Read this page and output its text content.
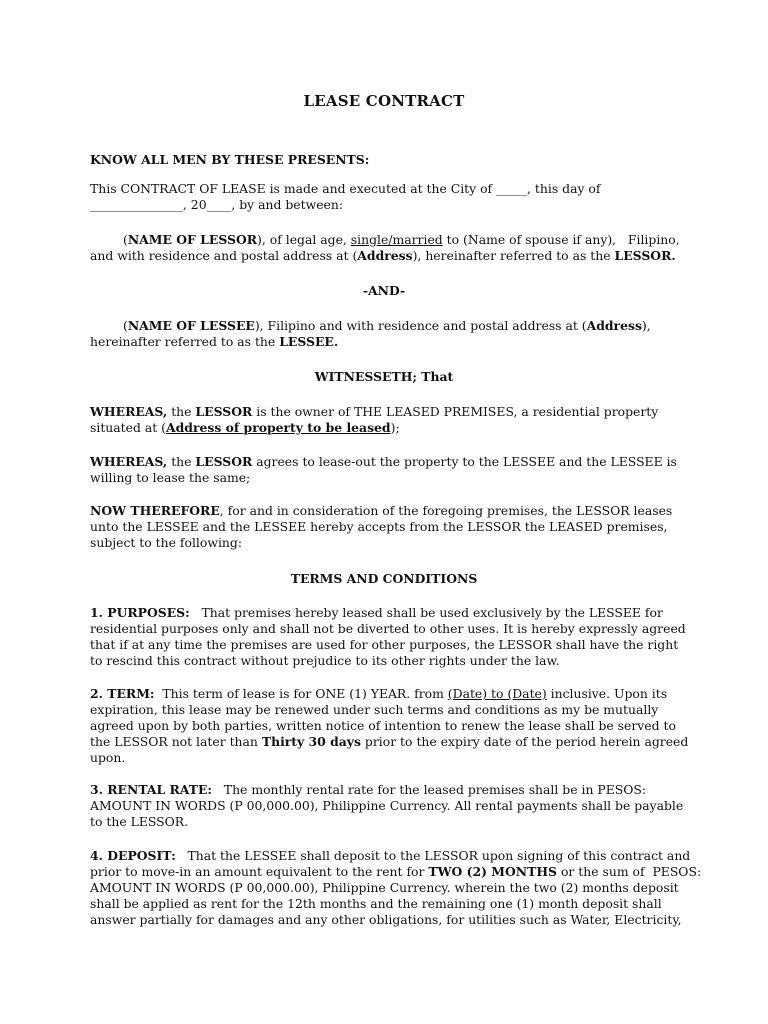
LEASE CONTRACT

KNOW ALL MEN BY THESE PRESENTS:

This CONTRACT OF LEASE is made and executed at the City of _____, this day of
_______________, 20____, by and between:
(NAME OF LESSOR), of legal age, single/married to (Name of spouse if any),   Filipino,
and with residence and postal address at (Address), hereinafter referred to as the LESSOR.

-AND-

(NAME OF LESSEE), Filipino and with residence and postal address at (Address),
hereinafter referred to as the LESSEE.

WITNESSETH; That

WHEREAS, the LESSOR is the owner of THE LEASED PREMISES, a residential property
situated at (Address of property to be leased);
WHEREAS, the LESSOR agrees to lease-out the property to the LESSEE and the LESSEE is
willing to lease the same;
NOW THEREFORE, for and in consideration of the foregoing premises, the LESSOR leases
unto the LESSEE and the LESSEE hereby accepts from the LESSOR the LEASED premises,
subject to the following:

TERMS AND CONDITIONS

1. PURPOSES:   That premises hereby leased shall be used exclusively by the LESSEE for
residential purposes only and shall not be diverted to other uses. It is hereby expressly agreed
that if at any time the premises are used for other purposes, the LESSOR shall have the right
to rescind this contract without prejudice to its other rights under the law.
2. TERM:  This term of lease is for ONE (1) YEAR. from (Date) to (Date) inclusive. Upon its
expiration, this lease may be renewed under such terms and conditions as my be mutually
agreed upon by both parties, written notice of intention to renew the lease shall be served to
the LESSOR not later than Thirty 30 days prior to the expiry date of the period herein agreed
upon.
3. RENTAL RATE:   The monthly rental rate for the leased premises shall be in PESOS:
AMOUNT IN WORDS (P 00,000.00), Philippine Currency. All rental payments shall be payable
to the LESSOR.
4. DEPOSIT:   That the LESSEE shall deposit to the LESSOR upon signing of this contract and
prior to move-in an amount equivalent to the rent for TWO (2) MONTHS or the sum of  PESOS:
AMOUNT IN WORDS (P 00,000.00), Philippine Currency. wherein the two (2) months deposit
shall be applied as rent for the 12th months and the remaining one (1) month deposit shall
answer partially for damages and any other obligations, for utilities such as Water, Electricity,
